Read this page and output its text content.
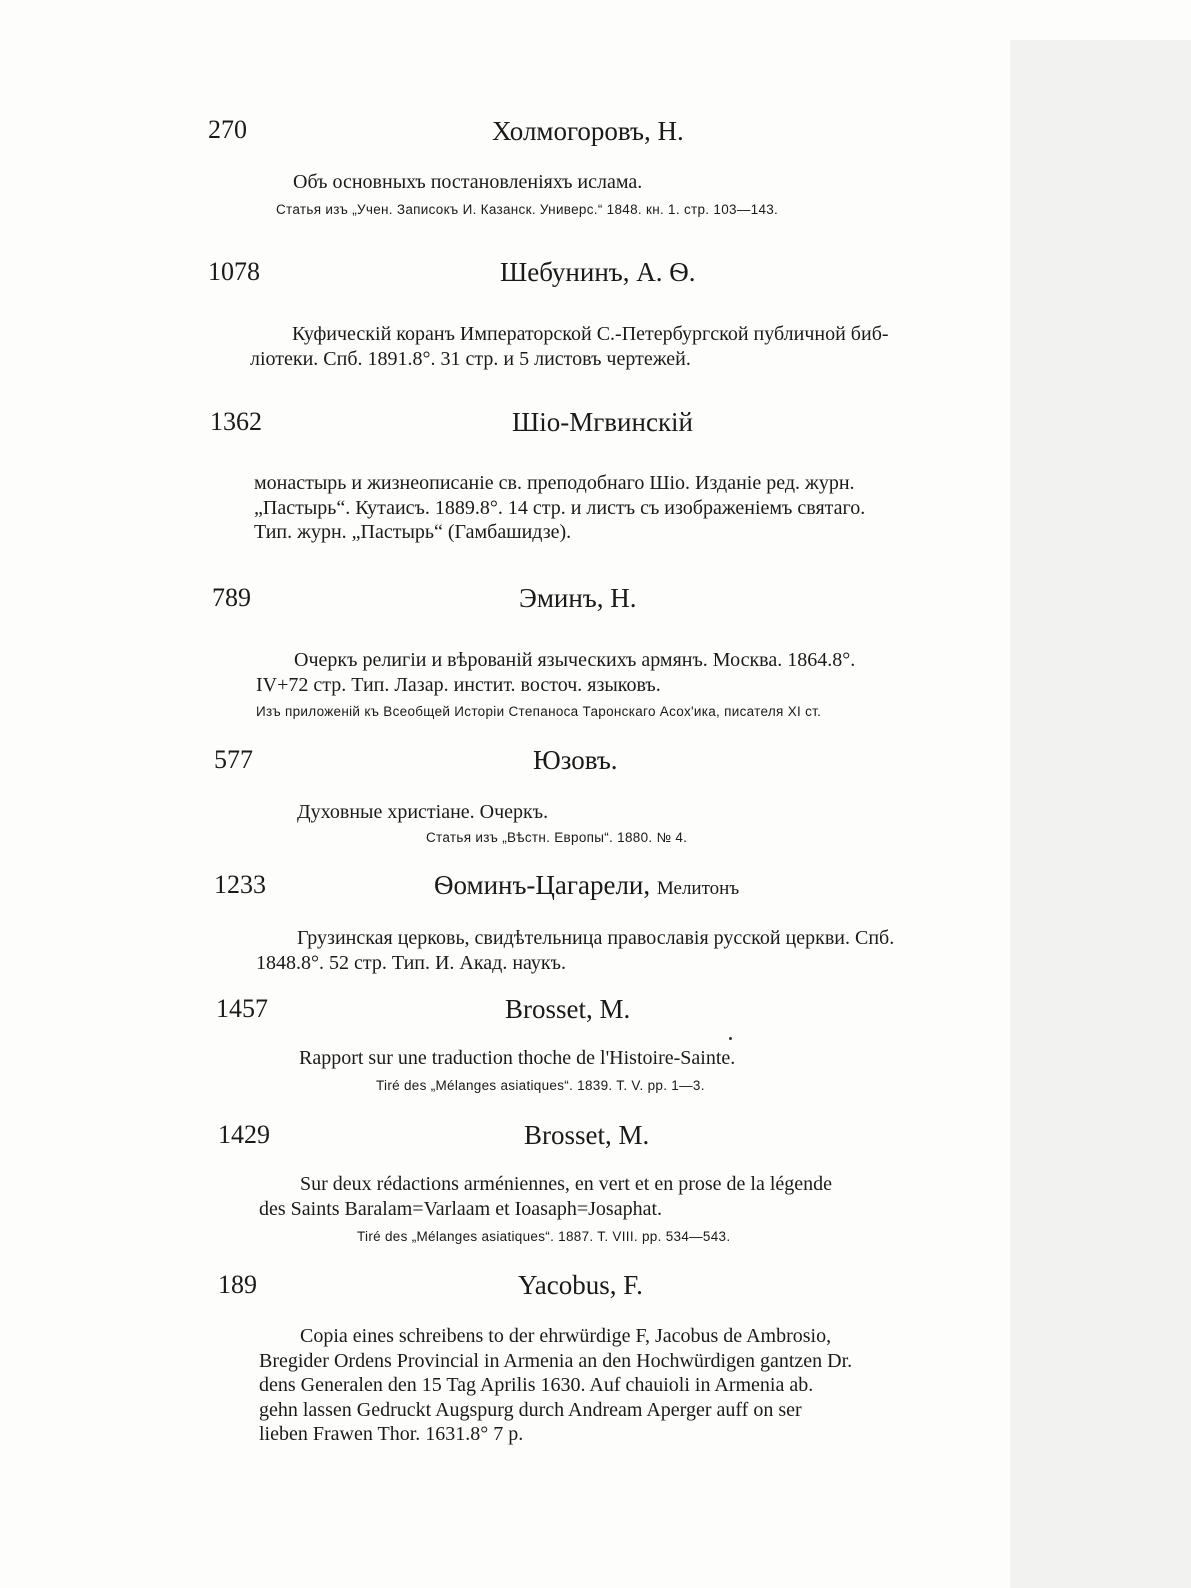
270	Холмогоровъ, Н.
Объ основныхъ постановленіяхъ ислама.
Статья изъ „Учен. Записокъ И. Казанск. Универс.“ 1848. кн. 1. стр. 103—143.
1078	Шебунинъ, А. Ѳ.
Куфическій коранъ Императорской С.-Петербургской публичной биб-
ліотеки. Спб. 1891.8°. 31 стр. и 5 листовъ чертежей.
1362	Шіо-Мгвинскій
монастырь и жизнеописаніе св. преподобнаго Шіо. Изданіе ред. журн.
„Пастырь“. Кутаисъ. 1889.8°. 14 стр. и листъ съ изображеніемъ святаго.
Тип. журн. „Пастырь“ (Гамбашидзе).
789	Эминъ, Н.
Очеркъ религіи и вѣрованій языческихъ армянъ. Москва. 1864.8°.
IV+72 стр. Тип. Лазар. инстит. восточ. языковъ.
Изъ приложеній къ Всеобщей Исторіи Степаноса Таронскаго Асох'ика, писателя XI ст.
577	Юзовъ.
Духовные христіане. Очеркъ.
Статья изъ „Вѣстн. Европы“. 1880. № 4.
1233	Ѳоминъ-Цагарели, Мелитонъ
Грузинская церковь, свидѣтельница православія русской церкви. Спб.
1848.8°. 52 стр. Тип. И. Акад. наукъ.
1457	Brosset, M.
Rapport sur une traduction thoche de l'Histoire-Sainte.
Tiré des „Mélanges asiatiques“. 1839. T. V. pp. 1—3.
1429	Brosset, M.
Sur deux rédactions arméniennes, en vert et en prose de la légende
des Saints Baralam=Varlaam et Ioasaph=Josaphat.
Tiré des „Mélanges asiatiques“. 1887. T. VIII. pp. 534—543.
189	Yacobus, F.
Copia eines schreibens to der ehrwürdige F, Jacobus de Ambrosio,
Bregider Ordens Provincial in Armenia an den Hochwürdigen gantzen Dr.
dens Generalen den 15 Tag Aprilis 1630. Auf chauioli in Armenia ab.
gehn lassen Gedruckt Augspurg durch Andream Aperger auff on ser
lieben Frawen Thor. 1631.8° 7 p.
